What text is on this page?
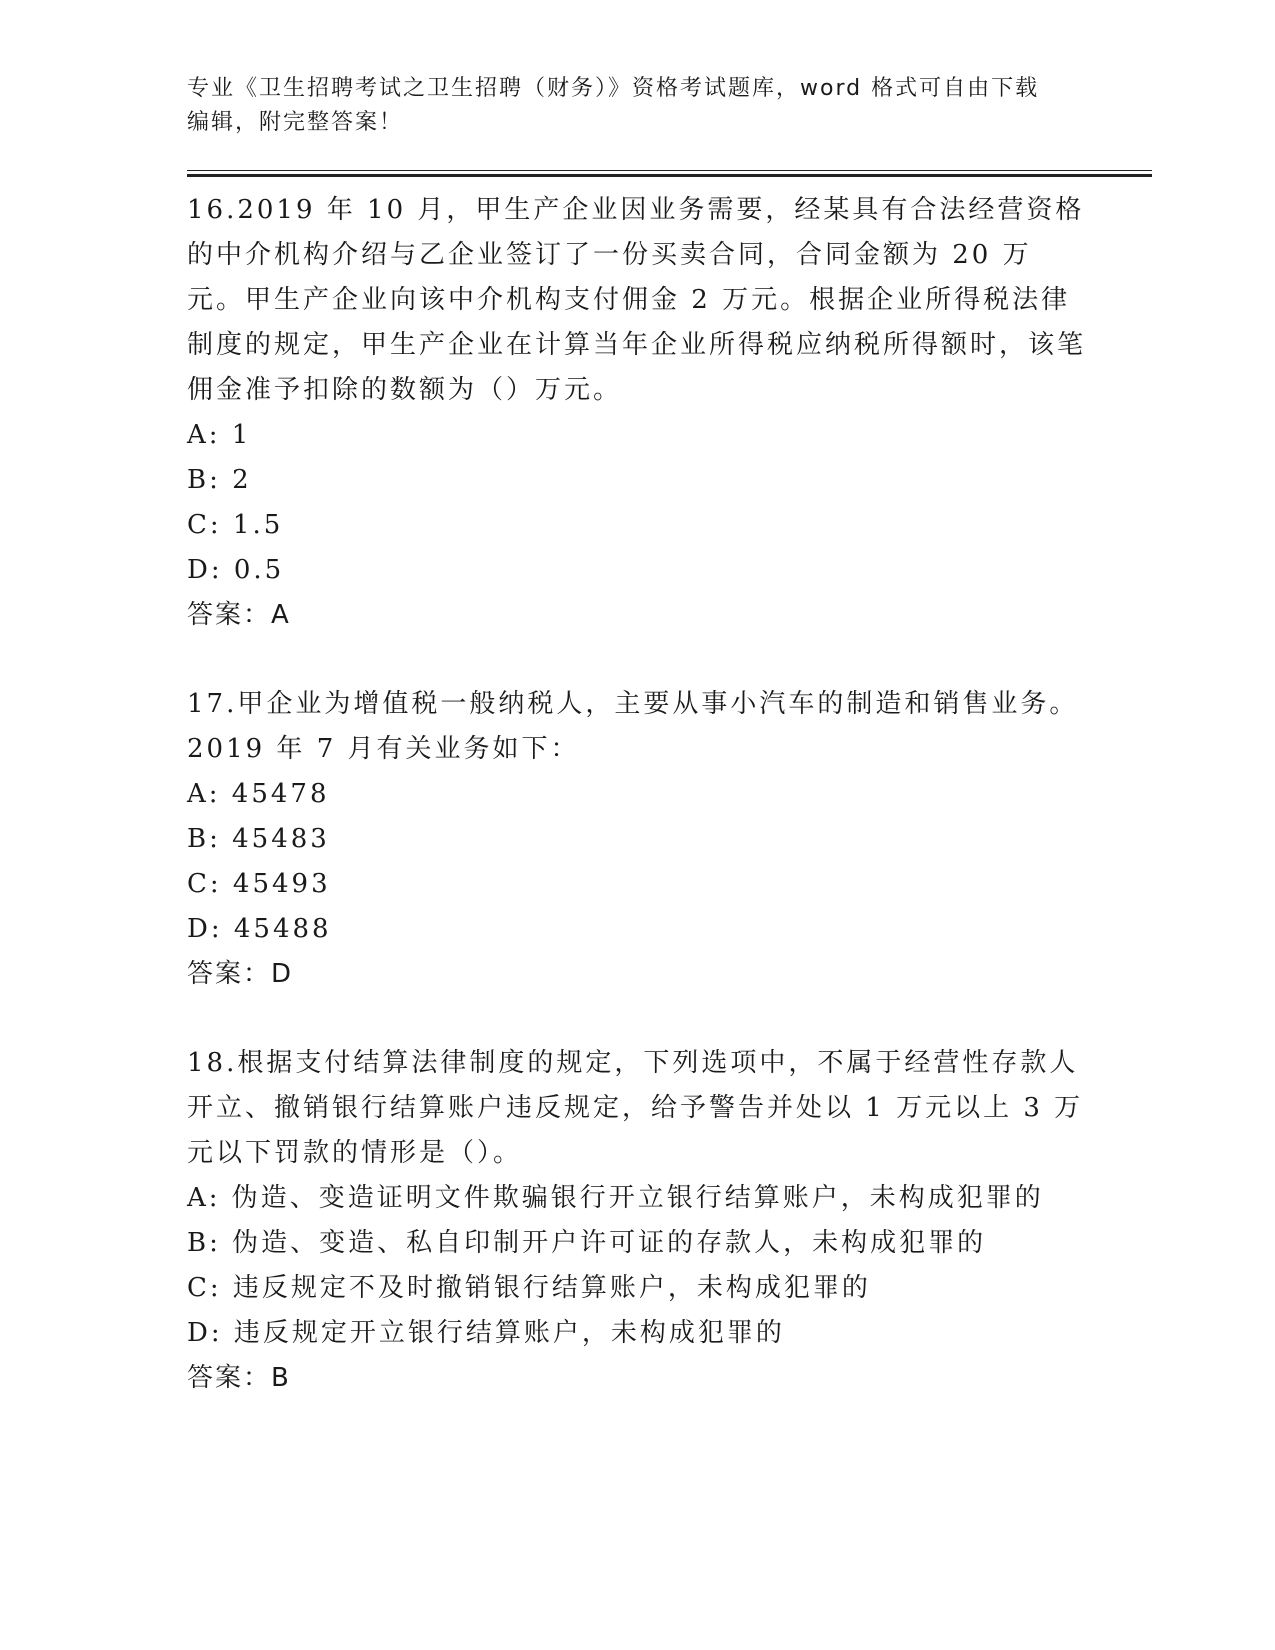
专业《卫生招聘考试之卫生招聘（财务）》资格考试题库，word 格式可自由下载
编辑，附完整答案！
16.2019 年 10 月，甲生产企业因业务需要，经某具有合法经营资格的中介机构介绍与乙企业签订了一份买卖合同，合同金额为 20 万元。甲生产企业向该中介机构支付佣金 2 万元。根据企业所得税法律制度的规定，甲生产企业在计算当年企业所得税应纳税所得额时，该笔佣金准予扣除的数额为（）万元。
A: 1
B: 2
C: 1.5
D: 0.5
答案：A
17.甲企业为增值税一般纳税人，主要从事小汽车的制造和销售业务。2019 年 7 月有关业务如下：
A: 45478
B: 45483
C: 45493
D: 45488
答案：D
18.根据支付结算法律制度的规定，下列选项中，不属于经营性存款人开立、撤销银行结算账户违反规定，给予警告并处以 1 万元以上 3 万元以下罚款的情形是（）。
A: 伪造、变造证明文件欺骗银行开立银行结算账户，未构成犯罪的
B: 伪造、变造、私自印制开户许可证的存款人，未构成犯罪的
C: 违反规定不及时撤销银行结算账户，未构成犯罪的
D: 违反规定开立银行结算账户，未构成犯罪的
答案：B
